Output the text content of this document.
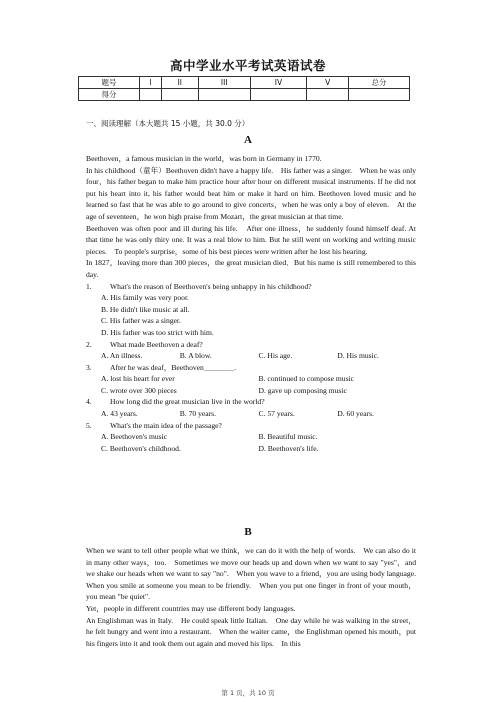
高中学业水平考试英语试卷
题号	I	II	III	IV	V	总分
得分						
一、阅读理解（本大题共 15 小题，共 30.0 分）
A

Beethoven，a famous musician in the world，was born in Germany in 1770.

In his childhood（童年）Beethoven didn't have a happy life.　His father was a singer.　When he was only four，his father began to make him practice hour after hour on different musical instruments. If he did not put his heart into it, his father would beat him or make it hard on him. Beethoven loved music and he learned so fast that he was able to go around to give concerts，when he was only a boy of eleven.　At the age of seventeen，he won high praise from Mozart，the great musician at that time.

Beethoven was often poor and ill during his life.　After one illness，he suddenly found himself deaf. At that time he was only thiry one. It was a real blow to him. But he still went on working and writing music pieces.　To people's surprise，some of his best pieces were written after he lost his hearing.

In 1827，leaving more than 300 pieces，the great musician died．But his name is still remembered to this day.

1.	What's the reason of Beethoven's being unhappy in his childhood?
A. His family was very poor.
B. He didn't like music at all.
C. His father was a singer.
D. His father was too strict with him.
2.	What made Beethoven a deaf?
A. An illness.	B. A blow.	C. His age.	D. His music.
3.	After he was deaf，Beethoven＿＿＿＿.
A. lost his heart for ever	B. continued to compose music
C. wrote over 300 pieces	D. gave up composing music
4.	How long did the great musician live in the world?
A. 43 years.	B. 70 years.	C. 57 years.	D. 60 years.
5.	What's the main idea of the passage?
A. Beethoven's music	B. Beautiful music.
C. Beethoven's childhood.	D. Beethoven's life.
B

When we want to tell other people what we think，we can do it with the help of words.　We can also do it in many other ways，too.　Sometimes we move our heads up and down when we want to say "yes"，and we shake our heads when we want to say "no".　When you wave to a friend，you are using body language.　When you smile at someone you mean to be friendly.　When you put one finger in front of your mouth，you mean "be quiet".

Yet，people in different countries may use different body languages.

An Englishman was in Italy.　He could speak little Italian.　One day while he was walking in the street，he felt hungry and went into a restaurant.　When the waiter came，the Englishman opened his mouth，put his fingers into it and took them out again and moved his lips.　In this

第 1 页，共 10 页
